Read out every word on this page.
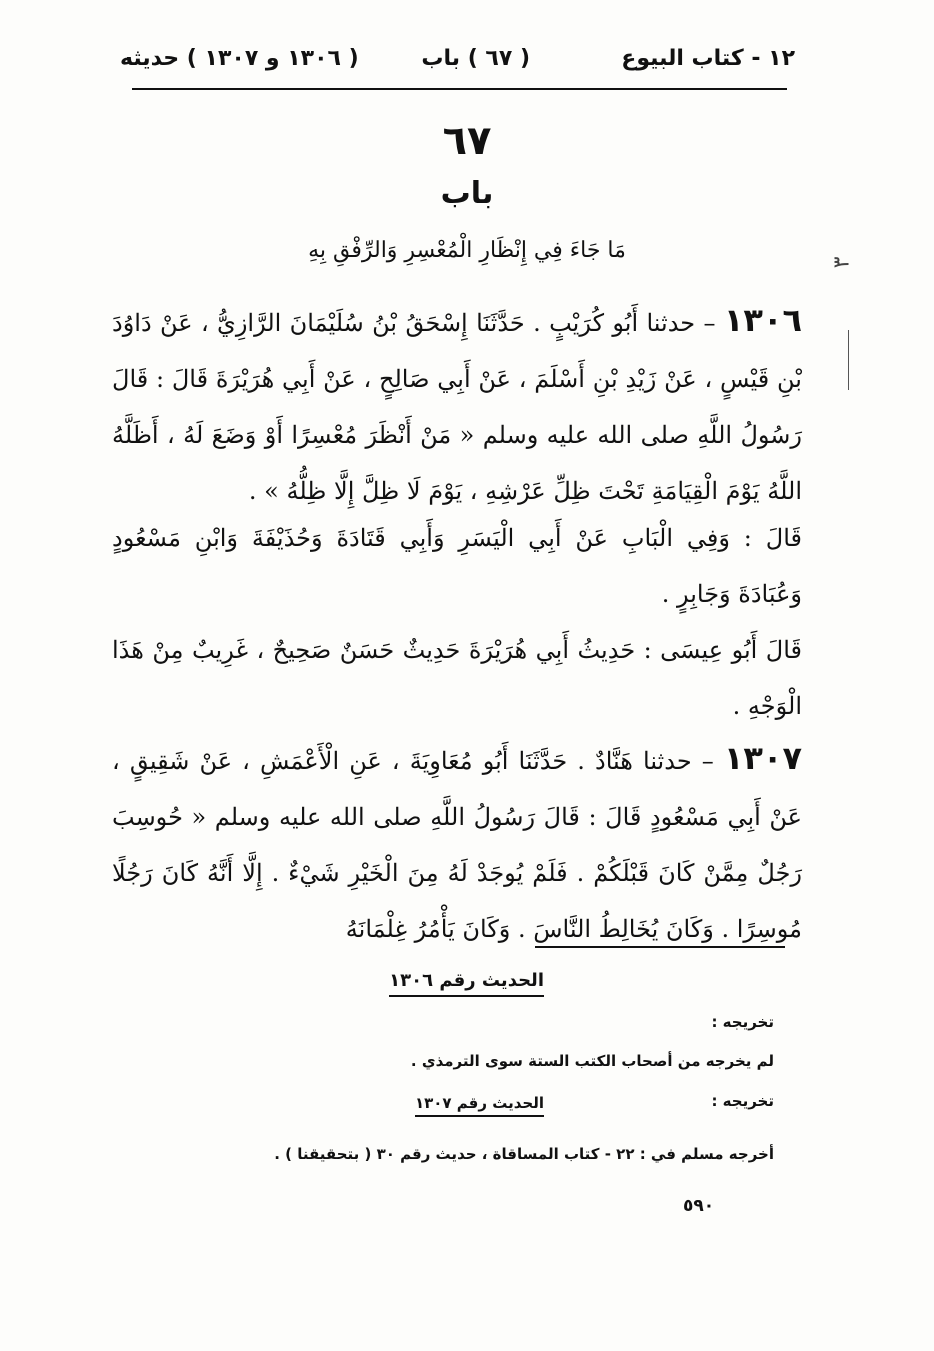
١٢ - كتاب البيوع
( ٦٧ ) باب
( ١٣٠٦ و ١٣٠٧ ) حديثه
٦٧
باب
مَا جَاءَ فِي إِنْظَارِ الْمُعْسِرِ وَالرِّفْقِ بِهِ
١٣٠٦ – حدثنا أَبُو كُرَيْبٍ . حَدَّثَنَا إِسْحَقُ بْنُ سُلَيْمَانَ الرَّازِيُّ ، عَنْ دَاوُدَ بْنِ قَيْسٍ ، عَنْ زَيْدِ بْنِ أَسْلَمَ ، عَنْ أَبِي صَالِحٍ ، عَنْ أَبِي هُرَيْرَةَ قَالَ : قَالَ رَسُولُ اللَّهِ صلى الله عليه وسلم « مَنْ أَنْظَرَ مُعْسِرًا أَوْ وَضَعَ لَهُ ، أَظَلَّهُ اللَّهُ يَوْمَ الْقِيَامَةِ تَحْتَ ظِلِّ عَرْشِهِ ، يَوْمَ لَا ظِلَّ إِلَّا ظِلُّهُ » .
قَالَ : وَفِي الْبَابِ عَنْ أَبِي الْيَسَرِ وَأَبِي قَتَادَةَ وَحُذَيْفَةَ وَابْنِ مَسْعُودٍ وَعُبَادَةَ وَجَابِرٍ .
قَالَ أَبُو عِيسَى : حَدِيثُ أَبِي هُرَيْرَةَ حَدِيثٌ حَسَنٌ صَحِيحٌ ، غَرِيبٌ مِنْ هَذَا الْوَجْهِ .
١٣٠٧ – حدثنا هَنَّادٌ . حَدَّثَنَا أَبُو مُعَاوِيَةَ ، عَنِ الْأَعْمَشِ ، عَنْ شَقِيقٍ ، عَنْ أَبِي مَسْعُودٍ قَالَ : قَالَ رَسُولُ اللَّهِ صلى الله عليه وسلم « حُوسِبَ رَجُلٌ مِمَّنْ كَانَ قَبْلَكُمْ . فَلَمْ يُوجَدْ لَهُ مِنَ الْخَيْرِ شَيْءٌ . إِلَّا أَنَّهُ كَانَ رَجُلًا مُوسِرًا . وَكَانَ يُخَالِطُ النَّاسَ . وَكَانَ يَأْمُرُ غِلْمَانَهُ
الحديث رقم ١٣٠٦
تخريجه :
لم يخرجه من أصحاب الكتب الستة سوى الترمذي .
تخريجه :
الحديث رقم ١٣٠٧
أخرجه مسلم في : ٢٢ - كتاب المساقاة ، حديث رقم ٣٠ ( بتحقيقنا ) .
٥٩٠
٣
